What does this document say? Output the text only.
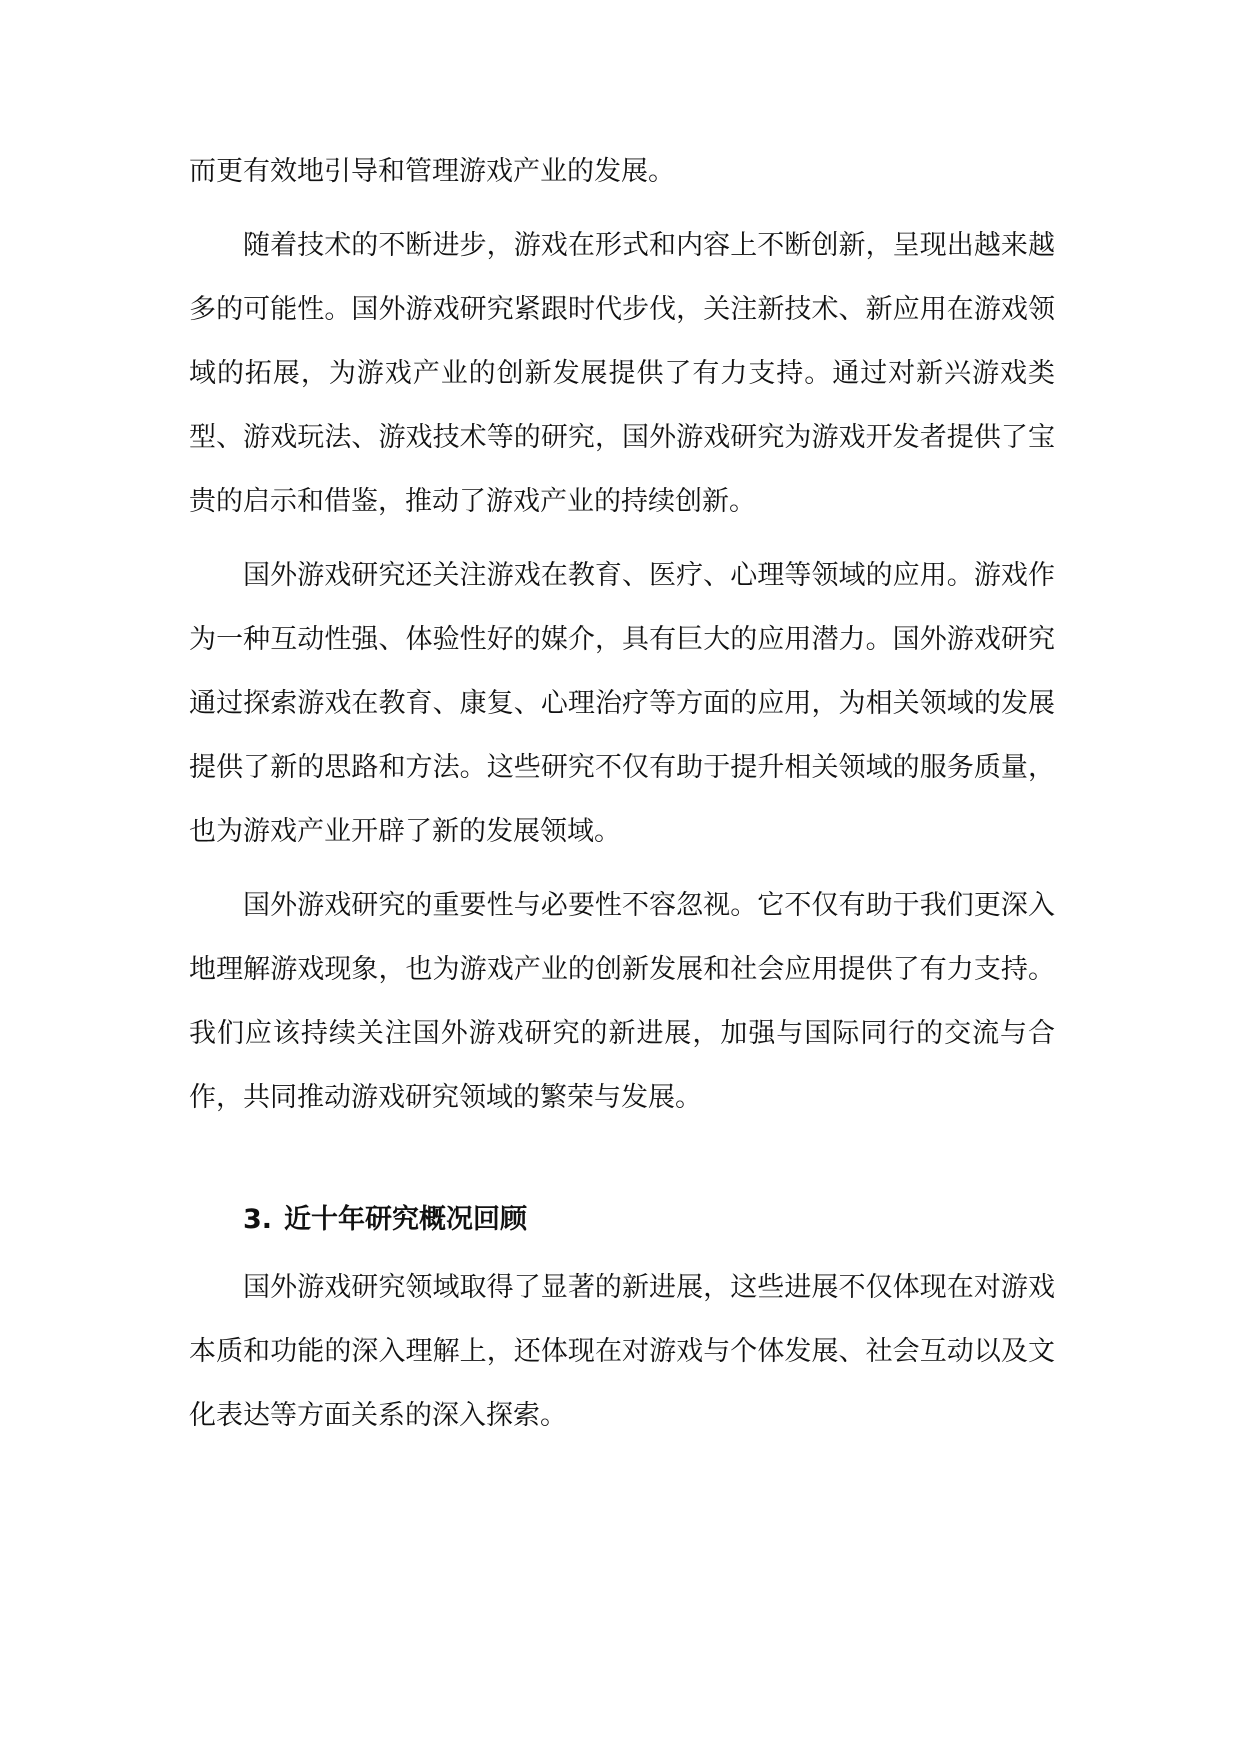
而更有效地引导和管理游戏产业的发展。

随着技术的不断进步，游戏在形式和内容上不断创新，呈现出越来越多的可能性。国外游戏研究紧跟时代步伐，关注新技术、新应用在游戏领域的拓展，为游戏产业的创新发展提供了有力支持。通过对新兴游戏类型、游戏玩法、游戏技术等的研究，国外游戏研究为游戏开发者提供了宝贵的启示和借鉴，推动了游戏产业的持续创新。

国外游戏研究还关注游戏在教育、医疗、心理等领域的应用。游戏作为一种互动性强、体验性好的媒介，具有巨大的应用潜力。国外游戏研究通过探索游戏在教育、康复、心理治疗等方面的应用，为相关领域的发展提供了新的思路和方法。这些研究不仅有助于提升相关领域的服务质量，也为游戏产业开辟了新的发展领域。

国外游戏研究的重要性与必要性不容忽视。它不仅有助于我们更深入地理解游戏现象，也为游戏产业的创新发展和社会应用提供了有力支持。我们应该持续关注国外游戏研究的新进展，加强与国际同行的交流与合作，共同推动游戏研究领域的繁荣与发展。

3. 近十年研究概况回顾

国外游戏研究领域取得了显著的新进展，这些进展不仅体现在对游戏本质和功能的深入理解上，还体现在对游戏与个体发展、社会互动以及文化表达等方面关系的深入探索。
